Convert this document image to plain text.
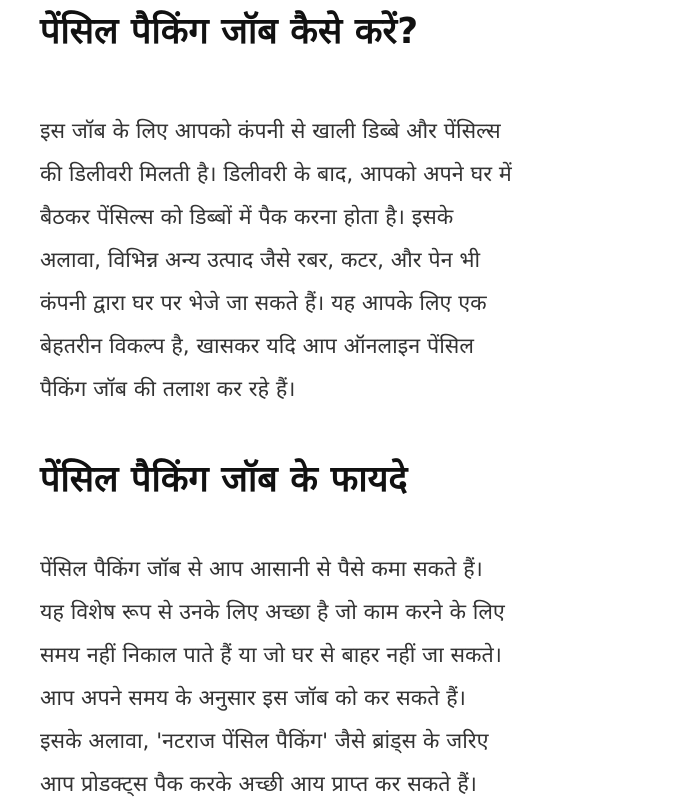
पेंसिल पैकिंग जॉब कैसे करें?

इस जॉब के लिए आपको कंपनी से खाली डिब्बे और पेंसिल्स
की डिलीवरी मिलती है। डिलीवरी के बाद, आपको अपने घर में
बैठकर पेंसिल्स को डिब्बों में पैक करना होता है। इसके
अलावा, विभिन्न अन्य उत्पाद जैसे रबर, कटर, और पेन भी
कंपनी द्वारा घर पर भेजे जा सकते हैं। यह आपके लिए एक
बेहतरीन विकल्प है, खासकर यदि आप ऑनलाइन पेंसिल
पैकिंग जॉब की तलाश कर रहे हैं।

पेंसिल पैकिंग जॉब के फायदे

पेंसिल पैकिंग जॉब से आप आसानी से पैसे कमा सकते हैं।
यह विशेष रूप से उनके लिए अच्छा है जो काम करने के लिए
समय नहीं निकाल पाते हैं या जो घर से बाहर नहीं जा सकते।
आप अपने समय के अनुसार इस जॉब को कर सकते हैं।
इसके अलावा, 'नटराज पेंसिल पैकिंग' जैसे ब्रांड्स के जरिए
आप प्रोडक्ट्स पैक करके अच्छी आय प्राप्त कर सकते हैं।
